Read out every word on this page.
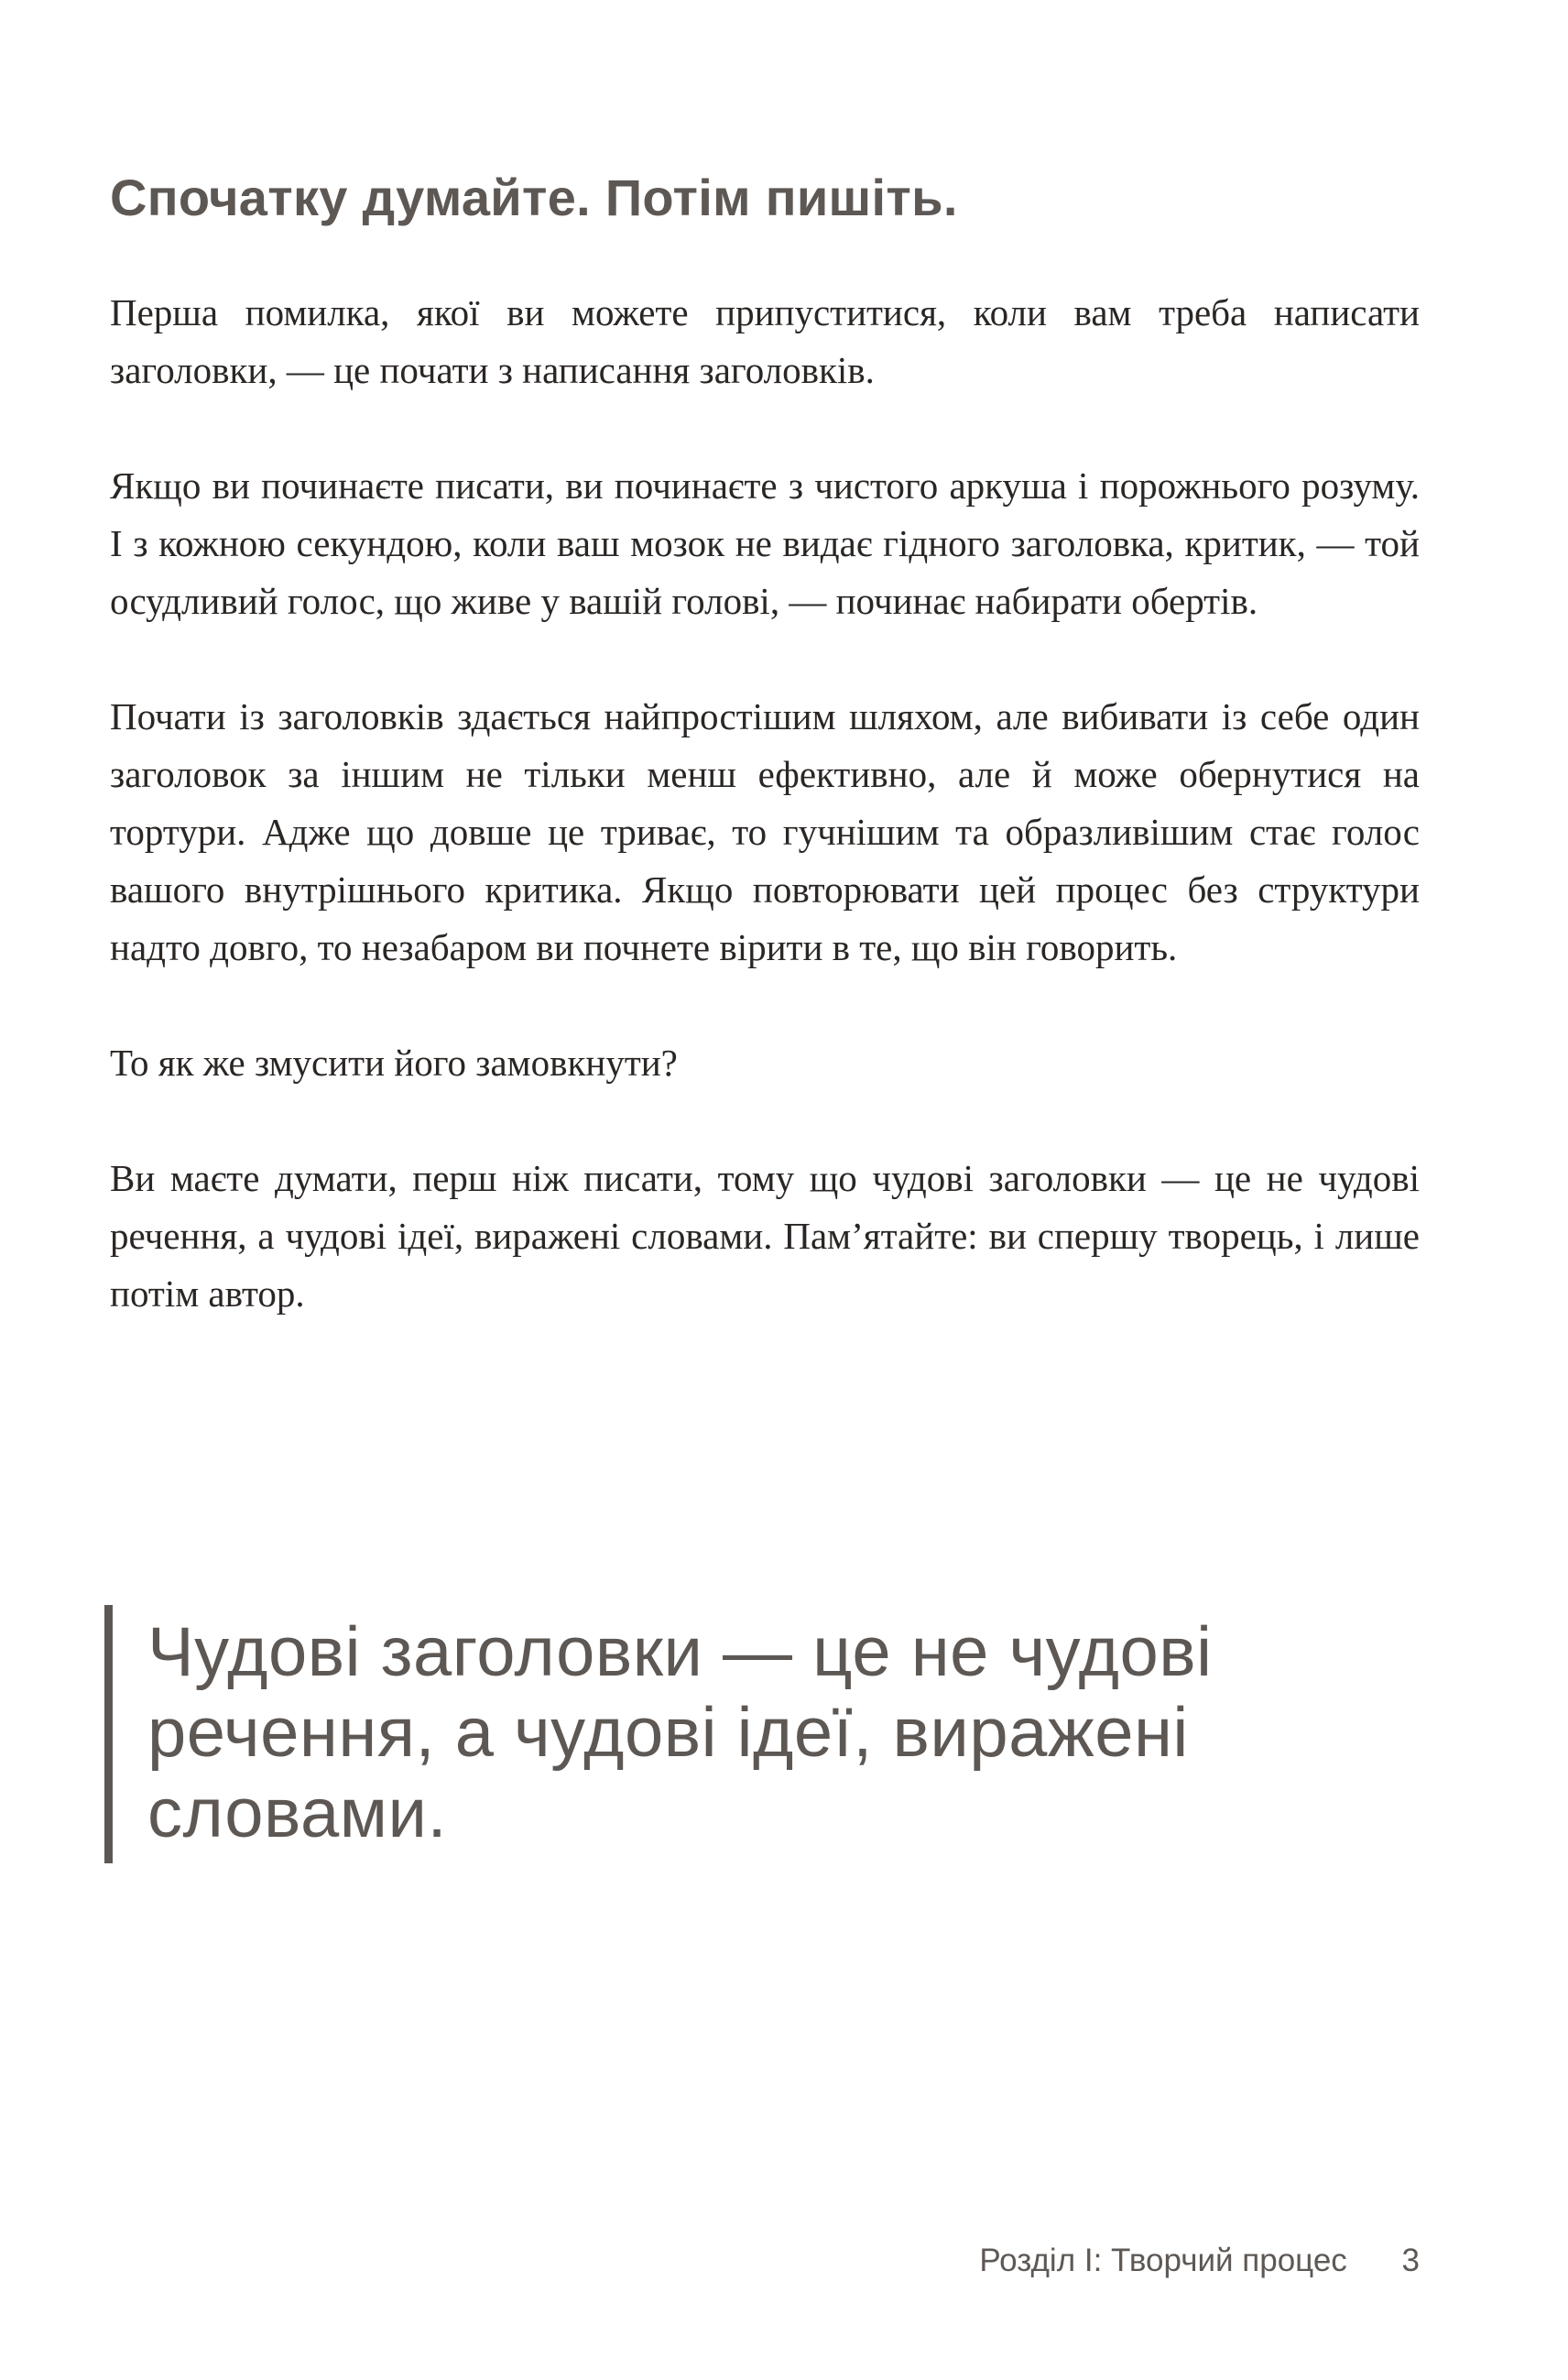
Спочатку думайте. Потім пишіть.

Перша помилка, якої ви можете припуститися, коли вам треба написати заголовки, — це почати з написання заголовків.

Якщо ви починаєте писати, ви починаєте з чистого аркуша і порожнього розуму. І з кожною секундою, коли ваш мозок не видає гідного заголовка, критик, — той осудливий голос, що живе у вашій голові, — починає набирати обертів.

Почати із заголовків здається найпростішим шляхом, але вибивати із себе один заголовок за іншим не тільки менш ефективно, але й може обернутися на тортури. Адже що довше це триває, то гучнішим та образливішим стає голос вашого внутрішнього критика. Якщо повторювати цей процес без структури надто довго, то незабаром ви почнете вірити в те, що він говорить.

То як же змусити його замовкнути?

Ви маєте думати, перш ніж писати, тому що чудові заголовки — це не чудові речення, а чудові ідеї, виражені словами. Пам’ятайте: ви спершу творець, і лише потім автор.

Чудові заголовки — це не чудові речення, а чудові ідеї, виражені словами.

Розділ I: Творчий процес 3
